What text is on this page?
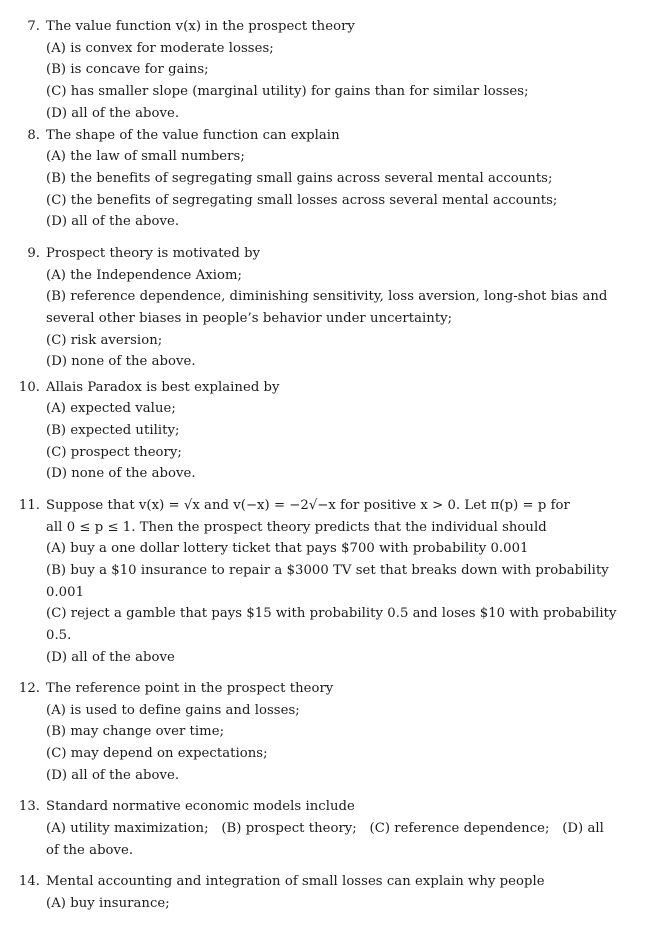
7. The value function v(x) in the prospect theory
(A) is convex for moderate losses;
(B) is concave for gains;
(C) has smaller slope (marginal utility) for gains than for similar losses;
(D) all of the above.
8. The shape of the value function can explain
(A) the law of small numbers;
(B) the benefits of segregating small gains across several mental accounts;
(C) the benefits of segregating small losses across several mental accounts;
(D) all of the above.
9. Prospect theory is motivated by
(A) the Independence Axiom;
(B) reference dependence, diminishing sensitivity, loss aversion, long-shot bias and
several other biases in people’s behavior under uncertainty;
(C) risk aversion;
(D) none of the above.
10. Allais Paradox is best explained by
(A) expected value;
(B) expected utility;
(C) prospect theory;
(D) none of the above.
11. Suppose that v(x) = √x and v(−x) = −2√−x for positive x > 0. Let π(p) = p for
all 0 ≤ p ≤ 1. Then the prospect theory predicts that the individual should
(A) buy a one dollar lottery ticket that pays $700 with probability 0.001
(B) buy a $10 insurance to repair a $3000 TV set that breaks down with probability
0.001
(C) reject a gamble that pays $15 with probability 0.5 and loses $10 with probability
0.5.
(D) all of the above
12. The reference point in the prospect theory
(A) is used to define gains and losses;
(B) may change over time;
(C) may depend on expectations;
(D) all of the above.
13. Standard normative economic models include
(A) utility maximization;   (B) prospect theory;   (C) reference dependence;   (D) all
of the above.
14. Mental accounting and integration of small losses can explain why people
(A) buy insurance;
